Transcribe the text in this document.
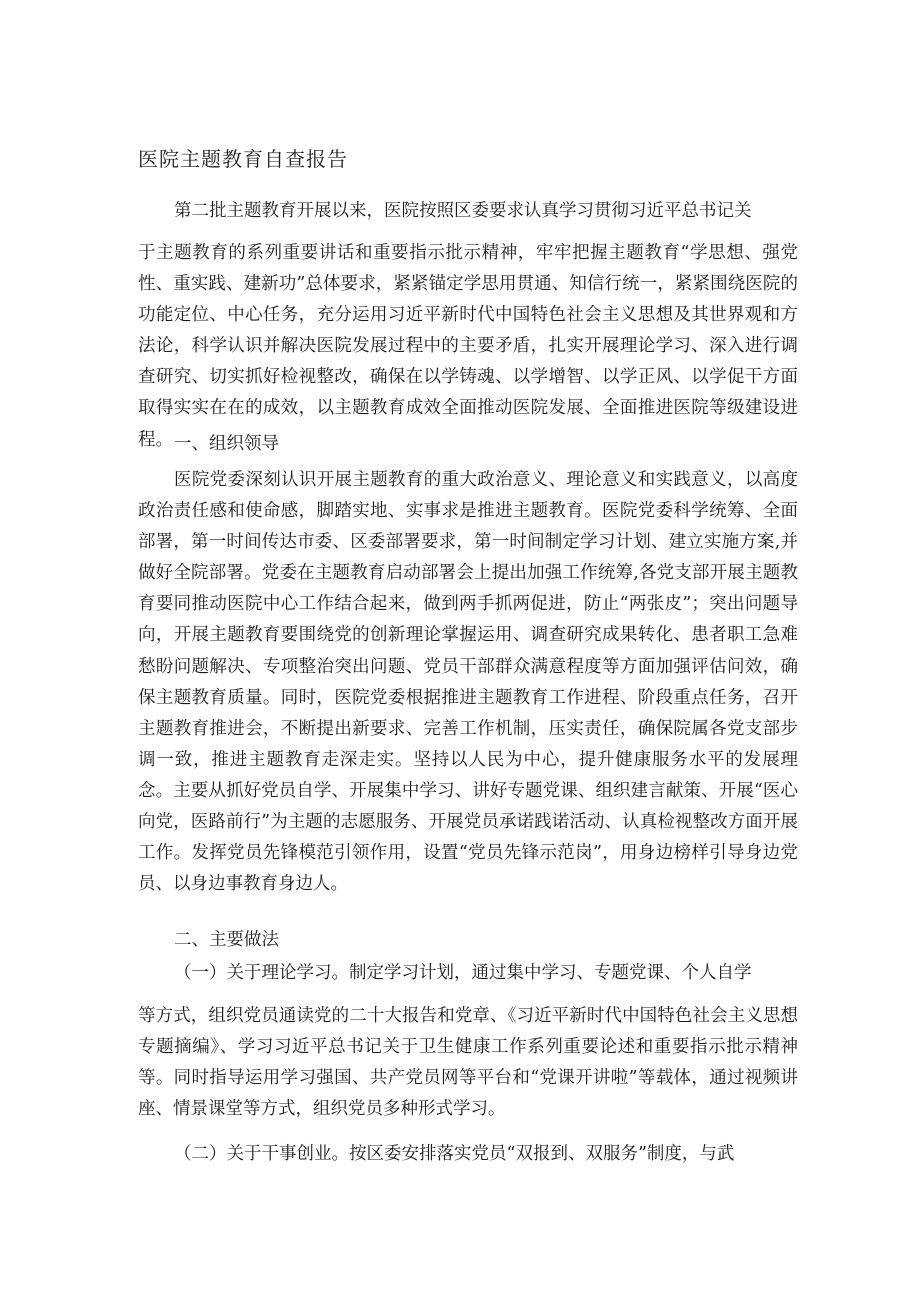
医院主题教育自查报告

第二批主题教育开展以来，医院按照区委要求认真学习贯彻习近平总书记关

于主题教育的系列重要讲话和重要指示批示精神，牢牢把握主题教育“学思想、强党性、重实践、建新功”总体要求，紧紧锚定学思用贯通、知信行统一，紧紧围绕医院的功能定位、中心任务，充分运用习近平新时代中国特色社会主义思想及其世界观和方法论，科学认识并解决医院发展过程中的主要矛盾，扎实开展理论学习、深入进行调查研究、切实抓好检视整改，确保在以学铸魂、以学增智、以学正风、以学促干方面取得实实在在的成效，以主题教育成效全面推动医院发展、全面推进医院等级建设进程。 一、组织领导

医院党委深刻认识开展主题教育的重大政治意义、理论意义和实践意义，以高度政治责任感和使命感，脚踏实地、实事求是推进主题教育。医院党委科学统筹、全面部署，第一时间传达市委、区委部署要求，第一时间制定学习计划、建立实施方案,并做好全院部署。党委在主题教育启动部署会上提出加强工作统筹,各党支部开展主题教育要同推动医院中心工作结合起来，做到两手抓两促进，防止“两张皮”；突出问题导向，开展主题教育要围绕党的创新理论掌握运用、调查研究成果转化、患者职工急难愁盼问题解决、专项整治突出问题、党员干部群众满意程度等方面加强评估问效，确保主题教育质量。同时，医院党委根据推进主题教育工作进程、阶段重点任务，召开主题教育推进会，不断提出新要求、完善工作机制，压实责任，确保院属各党支部步调一致，推进主题教育走深走实。坚持以人民为中心，提升健康服务水平的发展理念。主要从抓好党员自学、开展集中学习、讲好专题党课、组织建言献策、开展“医心向党，医路前行”为主题的志愿服务、开展党员承诺践诺活动、认真检视整改方面开展工作。发挥党员先锋模范引领作用，设置“党员先锋示范岗”，用身边榜样引导身边党员、以身边事教育身边人。

二、主要做法

（一）关于理论学习。制定学习计划，通过集中学习、专题党课、个人自学

等方式，组织党员通读党的二十大报告和党章、《习近平新时代中国特色社会主义思想专题摘编》、学习习近平总书记关于卫生健康工作系列重要论述和重要指示批示精神等。同时指导运用学习强国、共产党员网等平台和“党课开讲啦”等载体，通过视频讲座、情景课堂等方式，组织党员多种形式学习。

（二）关于干事创业。按区委安排落实党员“双报到、双服务”制度，与武
